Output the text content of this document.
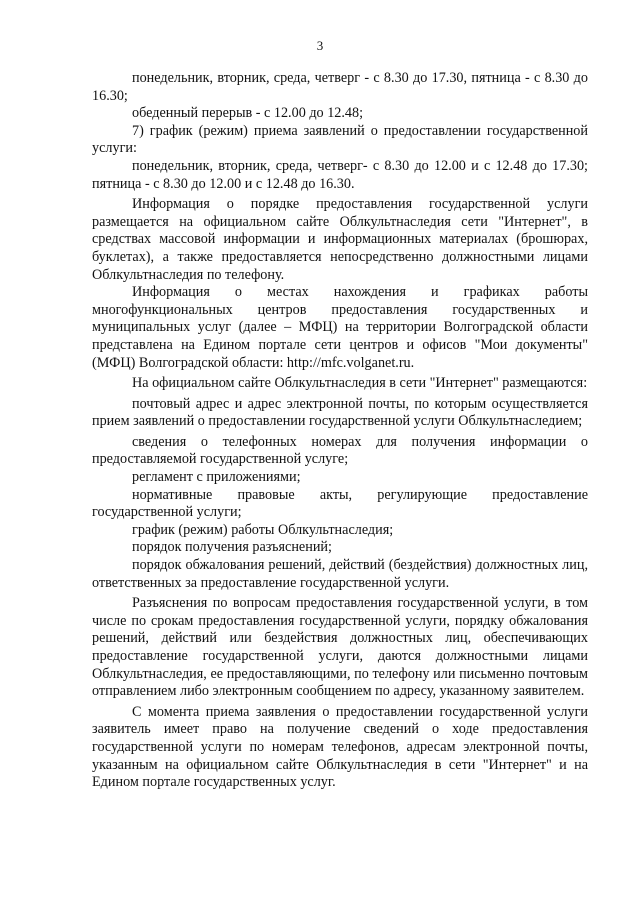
3

понедельник, вторник, среда, четверг - с 8.30 до 17.30, пятница - с 8.30 до 16.30;

обеденный перерыв - с 12.00 до 12.48;

7) график (режим) приема заявлений о предоставлении государственной услуги:

понедельник, вторник, среда, четверг- с 8.30 до 12.00 и с 12.48 до 17.30; пятница - с 8.30 до 12.00 и с 12.48 до 16.30.

Информация о порядке предоставления государственной услуги размещается на официальном сайте Облкультнаследия сети "Интернет", в средствах массовой информации и информационных материалах (брошюрах, буклетах), а также предоставляется непосредственно должностными лицами Облкультнаследия по телефону.

Информация о местах нахождения и графиках работы многофункциональных центров предоставления государственных и муниципальных услуг (далее – МФЦ) на территории Волгоградской области представлена на Едином портале сети центров и офисов "Мои документы" (МФЦ) Волгоградской области: http://mfc.volganet.ru.

На официальном сайте Облкультнаследия в сети "Интернет" размещаются:

почтовый адрес и адрес электронной почты, по которым осуществляется прием заявлений о предоставлении государственной услуги Облкультнаследием;

сведения о телефонных номерах для получения информации о предоставляемой государственной услуге;

регламент с приложениями;

нормативные правовые акты, регулирующие предоставление государственной услуги;

график (режим) работы Облкультнаследия;

порядок получения разъяснений;

порядок обжалования решений, действий (бездействия) должностных лиц, ответственных за предоставление государственной услуги.

Разъяснения по вопросам предоставления государственной услуги, в том числе по срокам предоставления государственной услуги, порядку обжалования решений, действий или бездействия должностных лиц, обеспечивающих предоставление государственной услуги, даются должностными лицами Облкультнаследия, ее предоставляющими, по телефону или письменно почтовым отправлением либо электронным сообщением по адресу, указанному заявителем.

С момента приема заявления о предоставлении государственной услуги заявитель имеет право на получение сведений о ходе предоставления государственной услуги по номерам телефонов, адресам электронной почты, указанным на официальном сайте Облкультнаследия в сети "Интернет" и на Едином портале государственных услуг.
